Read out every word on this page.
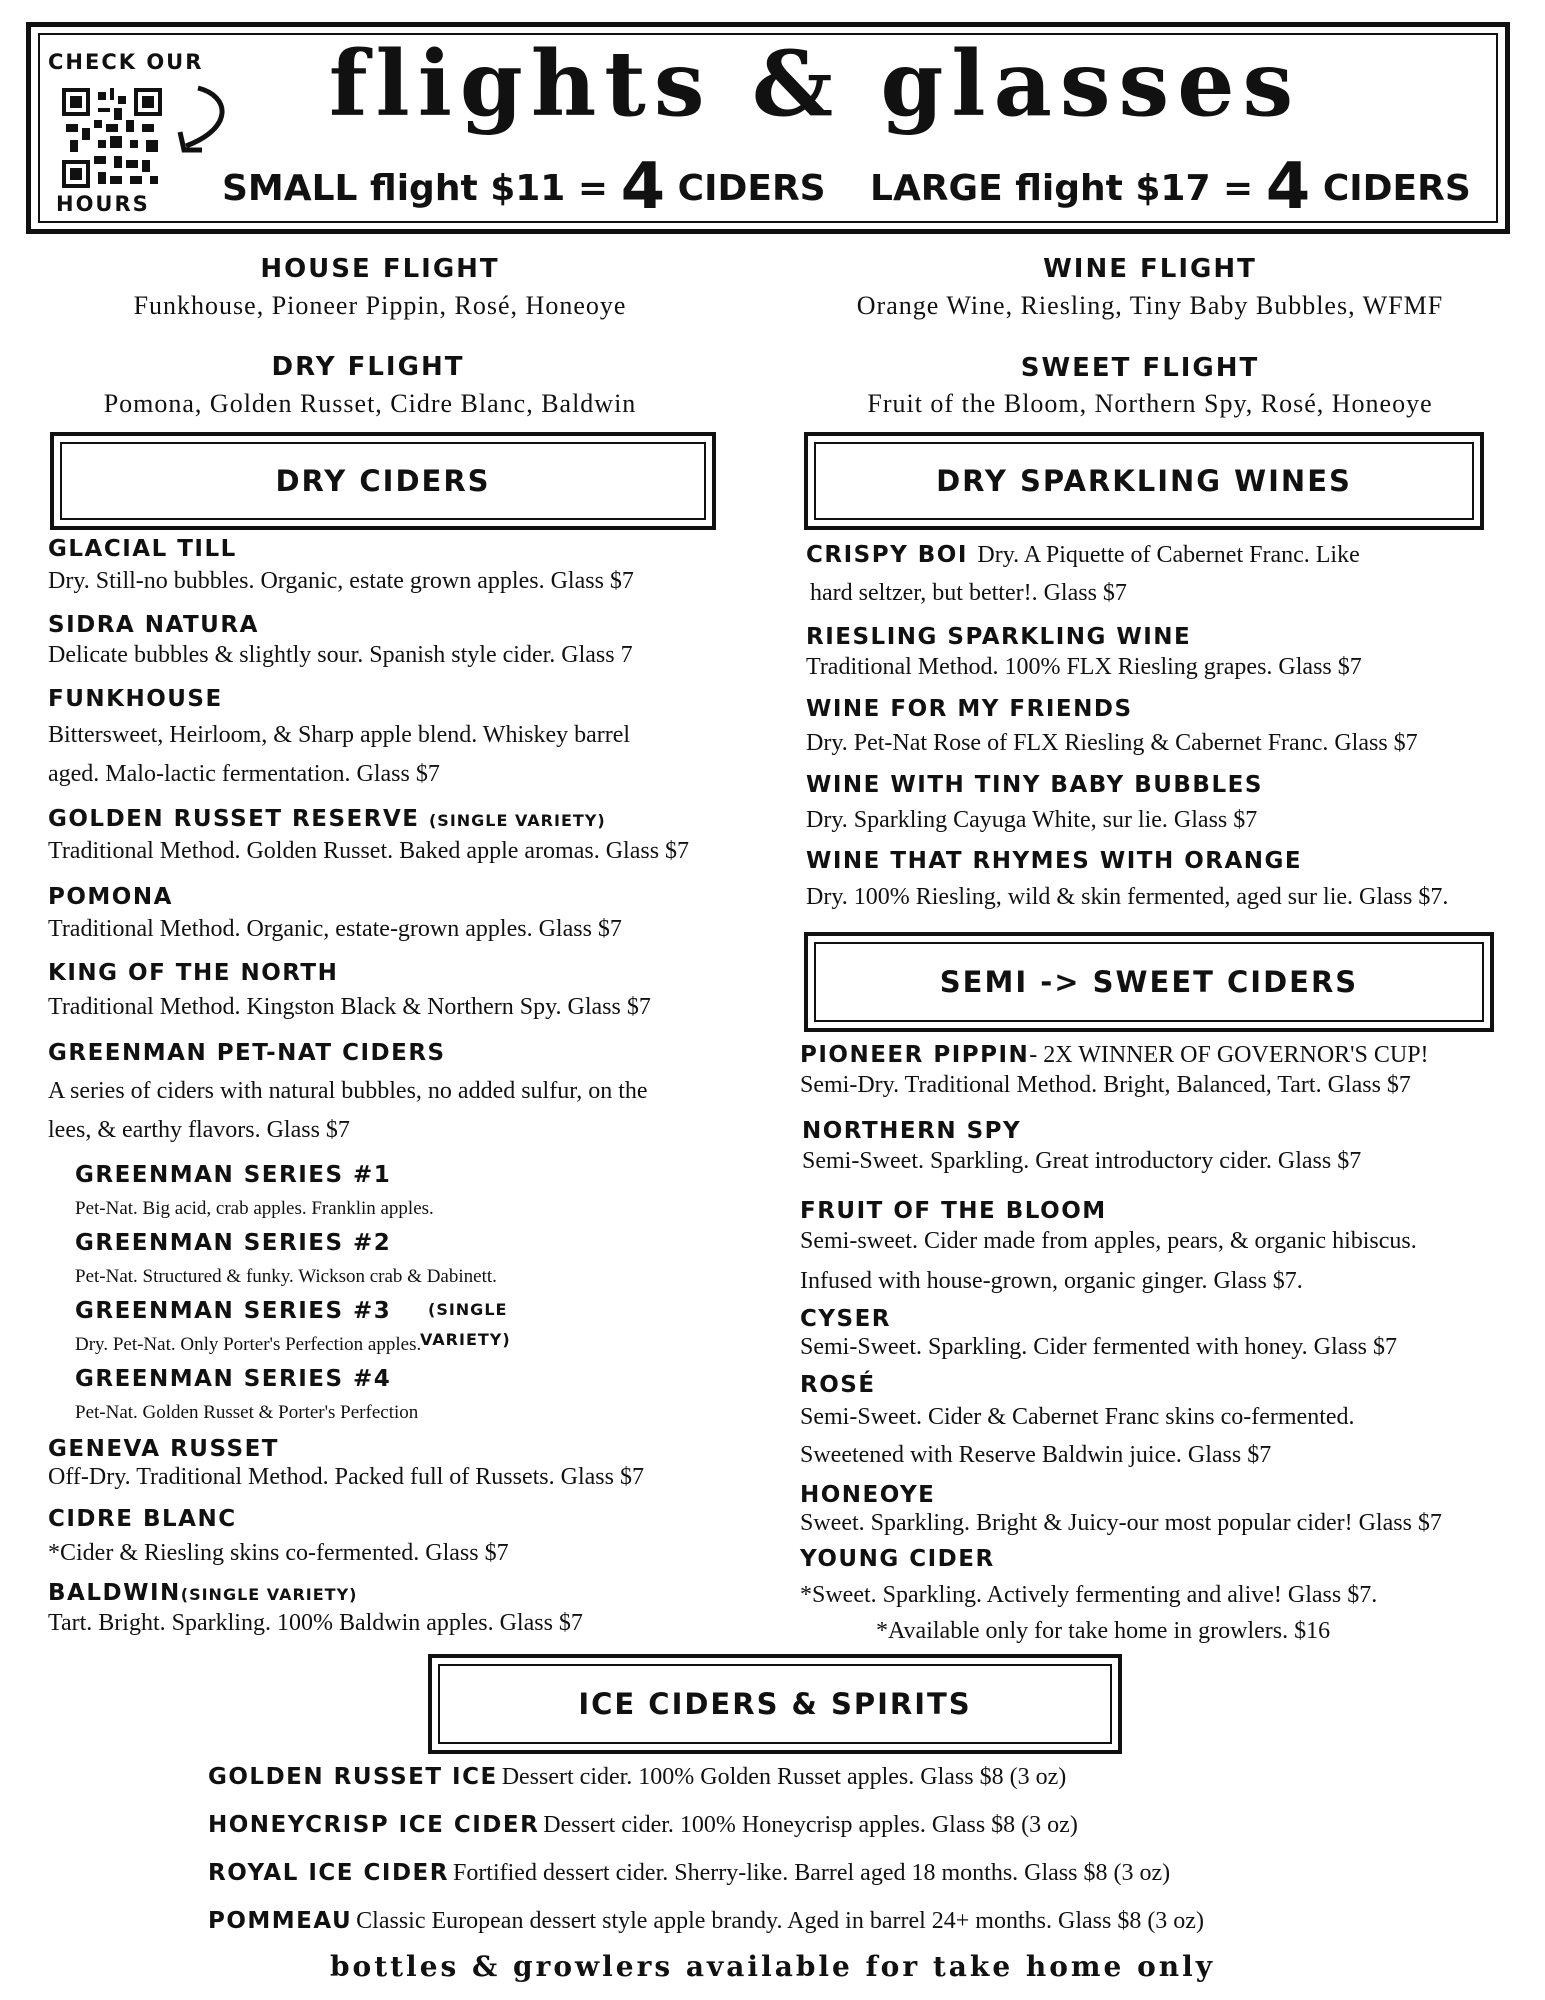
CHECK OUR
HOURS
flights & glasses
SMALL flight $11 = 4 CIDERS LARGE flight $17 = 4 CIDERS
HOUSE FLIGHT
Funkhouse, Pioneer Pippin, Rosé, Honeoye
WINE FLIGHT
Orange Wine, Riesling, Tiny Baby Bubbles, WFMF
DRY FLIGHT
Pomona, Golden Russet, Cidre Blanc, Baldwin
SWEET FLIGHT
Fruit of the Bloom, Northern Spy, Rosé, Honeoye
DRY CIDERS	DRY SPARKLING WINES
SEMI -> SWEET CIDERS
ICE CIDERS & SPIRITS
GLACIAL TILL
Dry. Still-no bubbles. Organic, estate grown apples. Glass $7
SIDRA NATURA
Delicate bubbles & slightly sour. Spanish style cider. Glass 7
FUNKHOUSE
Bittersweet, Heirloom, & Sharp apple blend. Whiskey barrel
aged. Malo-lactic fermentation. Glass $7
GOLDEN RUSSET RESERVE (SINGLE VARIETY)
Traditional Method. Golden Russet. Baked apple aromas. Glass $7
POMONA
Traditional Method. Organic, estate-grown apples. Glass $7
KING OF THE NORTH
Traditional Method. Kingston Black & Northern Spy. Glass $7
GREENMAN PET-NAT CIDERS
A series of ciders with natural bubbles, no added sulfur, on the
lees, & earthy flavors. Glass $7
GREENMAN SERIES #1
Pet-Nat. Big acid, crab apples. Franklin apples.
GREENMAN SERIES #2
Pet-Nat. Structured & funky. Wickson crab & Dabinett.
GREENMAN SERIES #3 (SINGLE
Dry. Pet-Nat. Only Porter's Perfection apples.
VARIETY)
GREENMAN SERIES #4
Pet-Nat. Golden Russet & Porter's Perfection
GENEVA RUSSET
Off-Dry. Traditional Method. Packed full of Russets. Glass $7
CIDRE BLANC
*Cider & Riesling skins co-fermented. Glass $7
BALDWIN(SINGLE VARIETY)
Tart. Bright. Sparkling. 100% Baldwin apples. Glass $7
CRISPY BOI Dry. A Piquette of Cabernet Franc. Like
hard seltzer, but better!. Glass $7
RIESLING SPARKLING WINE
Traditional Method. 100% FLX Riesling grapes. Glass $7
WINE FOR MY FRIENDS
Dry. Pet-Nat Rose of FLX Riesling & Cabernet Franc. Glass $7
WINE WITH TINY BABY BUBBLES
Dry. Sparkling Cayuga White, sur lie. Glass $7
WINE THAT RHYMES WITH ORANGE
Dry. 100% Riesling, wild & skin fermented, aged sur lie. Glass $7.
PIONEER PIPPIN- 2X WINNER OF GOVERNOR'S CUP!
Semi-Dry. Traditional Method. Bright, Balanced, Tart. Glass $7
NORTHERN SPY
Semi-Sweet. Sparkling. Great introductory cider. Glass $7
FRUIT OF THE BLOOM
Semi-sweet. Cider made from apples, pears, & organic hibiscus.
Infused with house-grown, organic ginger. Glass $7.
CYSER
Semi-Sweet. Sparkling. Cider fermented with honey. Glass $7
ROSÉ
Semi-Sweet. Cider & Cabernet Franc skins co-fermented.
Sweetened with Reserve Baldwin juice. Glass $7
HONEOYE
Sweet. Sparkling. Bright & Juicy-our most popular cider! Glass $7
YOUNG CIDER
*Sweet. Sparkling. Actively fermenting and alive! Glass $7.
*Available only for take home in growlers. $16
GOLDEN RUSSET ICE Dessert cider. 100% Golden Russet apples. Glass $8 (3 oz)
HONEYCRISP ICE CIDER Dessert cider. 100% Honeycrisp apples. Glass $8 (3 oz)
ROYAL ICE CIDER Fortified dessert cider. Sherry-like. Barrel aged 18 months. Glass $8 (3 oz)
POMMEAU Classic European dessert style apple brandy. Aged in barrel 24+ months. Glass $8 (3 oz)
bottles & growlers available for take home only
